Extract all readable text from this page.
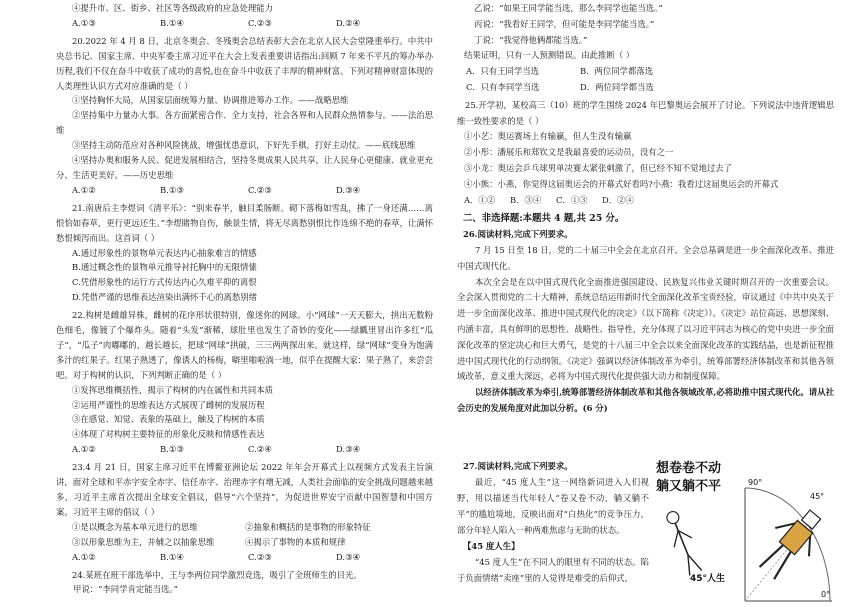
④提升市、区、街乡、社区等各级政府的应急处理能力

A.①③	B.①④	C.②③	D.②④

20.2022 年 4 月 8 日，北京冬奥会、冬残奥会总结表彰大会在北京人民大会堂隆重举行。中共中央总书记、国家主席、中央军委主席习近平在大会上发表重要讲话指出:回顾 7 年来不平凡的筹办举办历程,我们不仅在奋斗中收获了成功的喜悦,也在奋斗中收获了丰厚的精神财富。下列对精神财富体现的人类理性认识方式对应准确的是（ ）

①坚持胸怀大局，从国家层面统筹力量、协调推进筹办工作。——战略思维

②坚持集中力量办大事。各方面紧密合作、全力支持，社会各界和人民群众热情参与。——法治思维

③坚持主动防范应对各种风险挑战，增强忧患意识，下好先手棋，打好主动仗。——底线思维

④坚持办奥和服务人民、促进发展相结合，坚持冬奥成果人民共享，让人民身心更健康、就业更充分、生活更美好。——历史思维

A.①②	B.①③	C.②③	D.③④

21.南唐后主李煜词《清平乐》：“别来春半，触目柔肠断。砌下落梅如雪乱，拂了一身还满……离恨恰如春草，更行更远还生。”李煜睹物自伤，触景生情，将无尽离愁别恨比作连绵不绝的春草，让满怀愁恨倾泻而出。这首词（ ）

A.通过形象性的景物单元表达内心抽象难言的情感

B.通过概念性的景物单元推导衬托胸中的无限情愫

C.凭借形象性的运行方式传达内心久难平抑的离恨

D.凭借严谨的思维表达渲染出满怀千心的离愁别绪

22.构树是雌雄异株，雌树的花序形状很特别，像迷你的网球。小“网球”一天天膨大，拱出无数粉色细毛，像镀了个爆炸头。随着“头发”渐稀，球肚里也发生了奇妙的变化——绿瓤里冒出许多红“瓜子”，“瓜子”肉嘟嘟的，越长越长，把球“网球”拱破，三三两两探出来。就这样，绿“网球”变身为饱满多汁的红果子。红果子熟透了，像诱人的杨梅，噼里啪啦淌一地，似乎在提醒大家：果子熟了，来尝尝吧。对于构树的认识，下列判断正确的是（ ）

①发挥思维概括性，揭示了构树的内在属性和共同本质

②运用严谨性的思维表达方式展现了雌树的发展历程

③在感觉、知觉、表象的基础上，触及了构树的本质

④体现了对构树主要特征的形象化反映和情感性表达

A.①②	B.①③	C.②④	D.③④

23.4 月 21 日，国家主席习近平在博鳌亚洲论坛 2022 年年会开幕式上以视频方式发表主旨演讲，面对全球和平赤字安全赤字、信任赤字、治理赤字有增无减，人类社会面临的安全挑战问题越来越多，习近平主席首次提出全球安全倡议，倡导“六个坚持”，为促进世界安宁贡献中国智慧和中国方案。习近平主席的倡议（ ）

①是以概念为基本单元进行的思维	②抽象和概括的是事物的形象特征
③以形象思维为主，并辅之以抽象思维	④揭示了事物的本质和规律
A.①②	B.①④	C.②③	D.③④

24.某班在班干部选举中，王与李两位同学激烈竞选，吸引了全班师生的目光。

甲说：“李同学肯定能当选。”

乙说：“如果王同学能当选，那么李同学也能当选。”

丙说：“我看好王同学，但可能是李同学能当选。”

丁说：“我觉得他俩都能当选。”

结果证明，只有一人预测错误。由此推断（ ）

A．只有王同学当选	B．两位同学都落选
C．只有李同学当选	D．两位同学都当选

25.开学初，某校高三（10）班的学生围绕 2024 年巴黎奥运会展开了讨论。下列说法中违背逻辑思维一致性要求的是（ ）

①小艺：奥运赛场上有输赢，但人生没有输赢

②小彤：潘展乐和郑钦文是我最喜爱的运动员，没有之一

③小龙：奥运会乒乓球男单决赛太紧张刺激了，但已经不知不觉地过去了

④小熊：小燕，你觉得这届奥运会的开幕式好看吗?小燕：我看过这届奥运会的开幕式

A．①② B．③④ C．①③ D．②④

二、非选择题:本题共 4 题,共 25 分。

26.阅读材料,完成下列要求。

7 月 15 日至 18 日，党的二十届三中全会在北京召开。全会总基调是进一步全面深化改革、推进中国式现代化。

本次全会是在以中国式现代化全面推进强国建设、民族复兴伟业关键时期召开的一次重要会议。全会深入贯彻党的二十大精神，系统总结运用新时代全面深化改革宝贵经验，审议通过《中共中央关于进一步全面深化改革、推进中国式现代化的决定》（以下简称《决定》）。《决定》站位高远、思想深刻、内涵丰富，具有鲜明的思想性、战略性、指导性，充分体现了以习近平同志为核心的党中央进一步全面深化改革的坚定决心和巨大勇气，是党的十八届三中全会以来全面深化改革的实践结晶，也是新征程推进中国式现代化的行动纲领。《决定》强调以经济体制改革为牵引，统筹部署经济体制改革和其他各领域改革，意义重大深远，必将为中国式现代化提供强大动力和制度保障。

以经济体制改革为牵引,统筹部署经济体制改革和其他各领域改革,必将助推中国式现代化。请从社会历史的发展角度对此加以分析。(6 分)

27.阅读材料,完成下列要求。

最近，“45 度人生”这一网络新词进入人们视野，用以描述当代年轻人“卷又卷不动，躺又躺不平”的尴尬境地，反映出面对“白热化”的竞争压力，部分年轻人陷入一种两难焦虑与无助的状态。

【45 度人生】

“45 度人生”在不同人的眼里有不同的状态。陷于负面情绪“卖座”里的人觉得是难受的后仰式，

想卷卷不动
躺又躺不平	90°
45°
0°
45°人生
